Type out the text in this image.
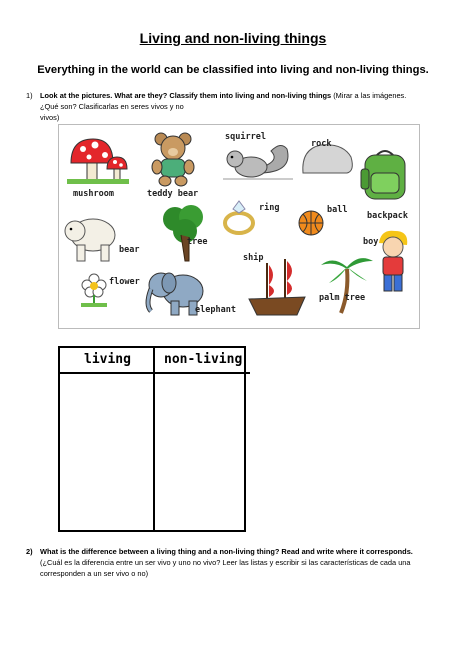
Living and non-living things
Everything in the world can be classified into living and non-living things.
1) Look at the pictures. What are they? Classify them into living and non-living things (Mirar a las imágenes.
¿Qué son? Clasificarlas en seres vivos y no vivos)
mushroom	teddy bear
squirrel
rock
backpack
bear
tree
ring	ball
boy
flower
elephant
ship
palm tree
living	non-living
2) What is the difference between a living thing and a non-living thing? Read and write where it corresponds.
(¿Cuál es la diferencia entre un ser vivo y uno no vivo? Leer las listas y escribir si las características de cada una corresponden a un ser vivo o no)
